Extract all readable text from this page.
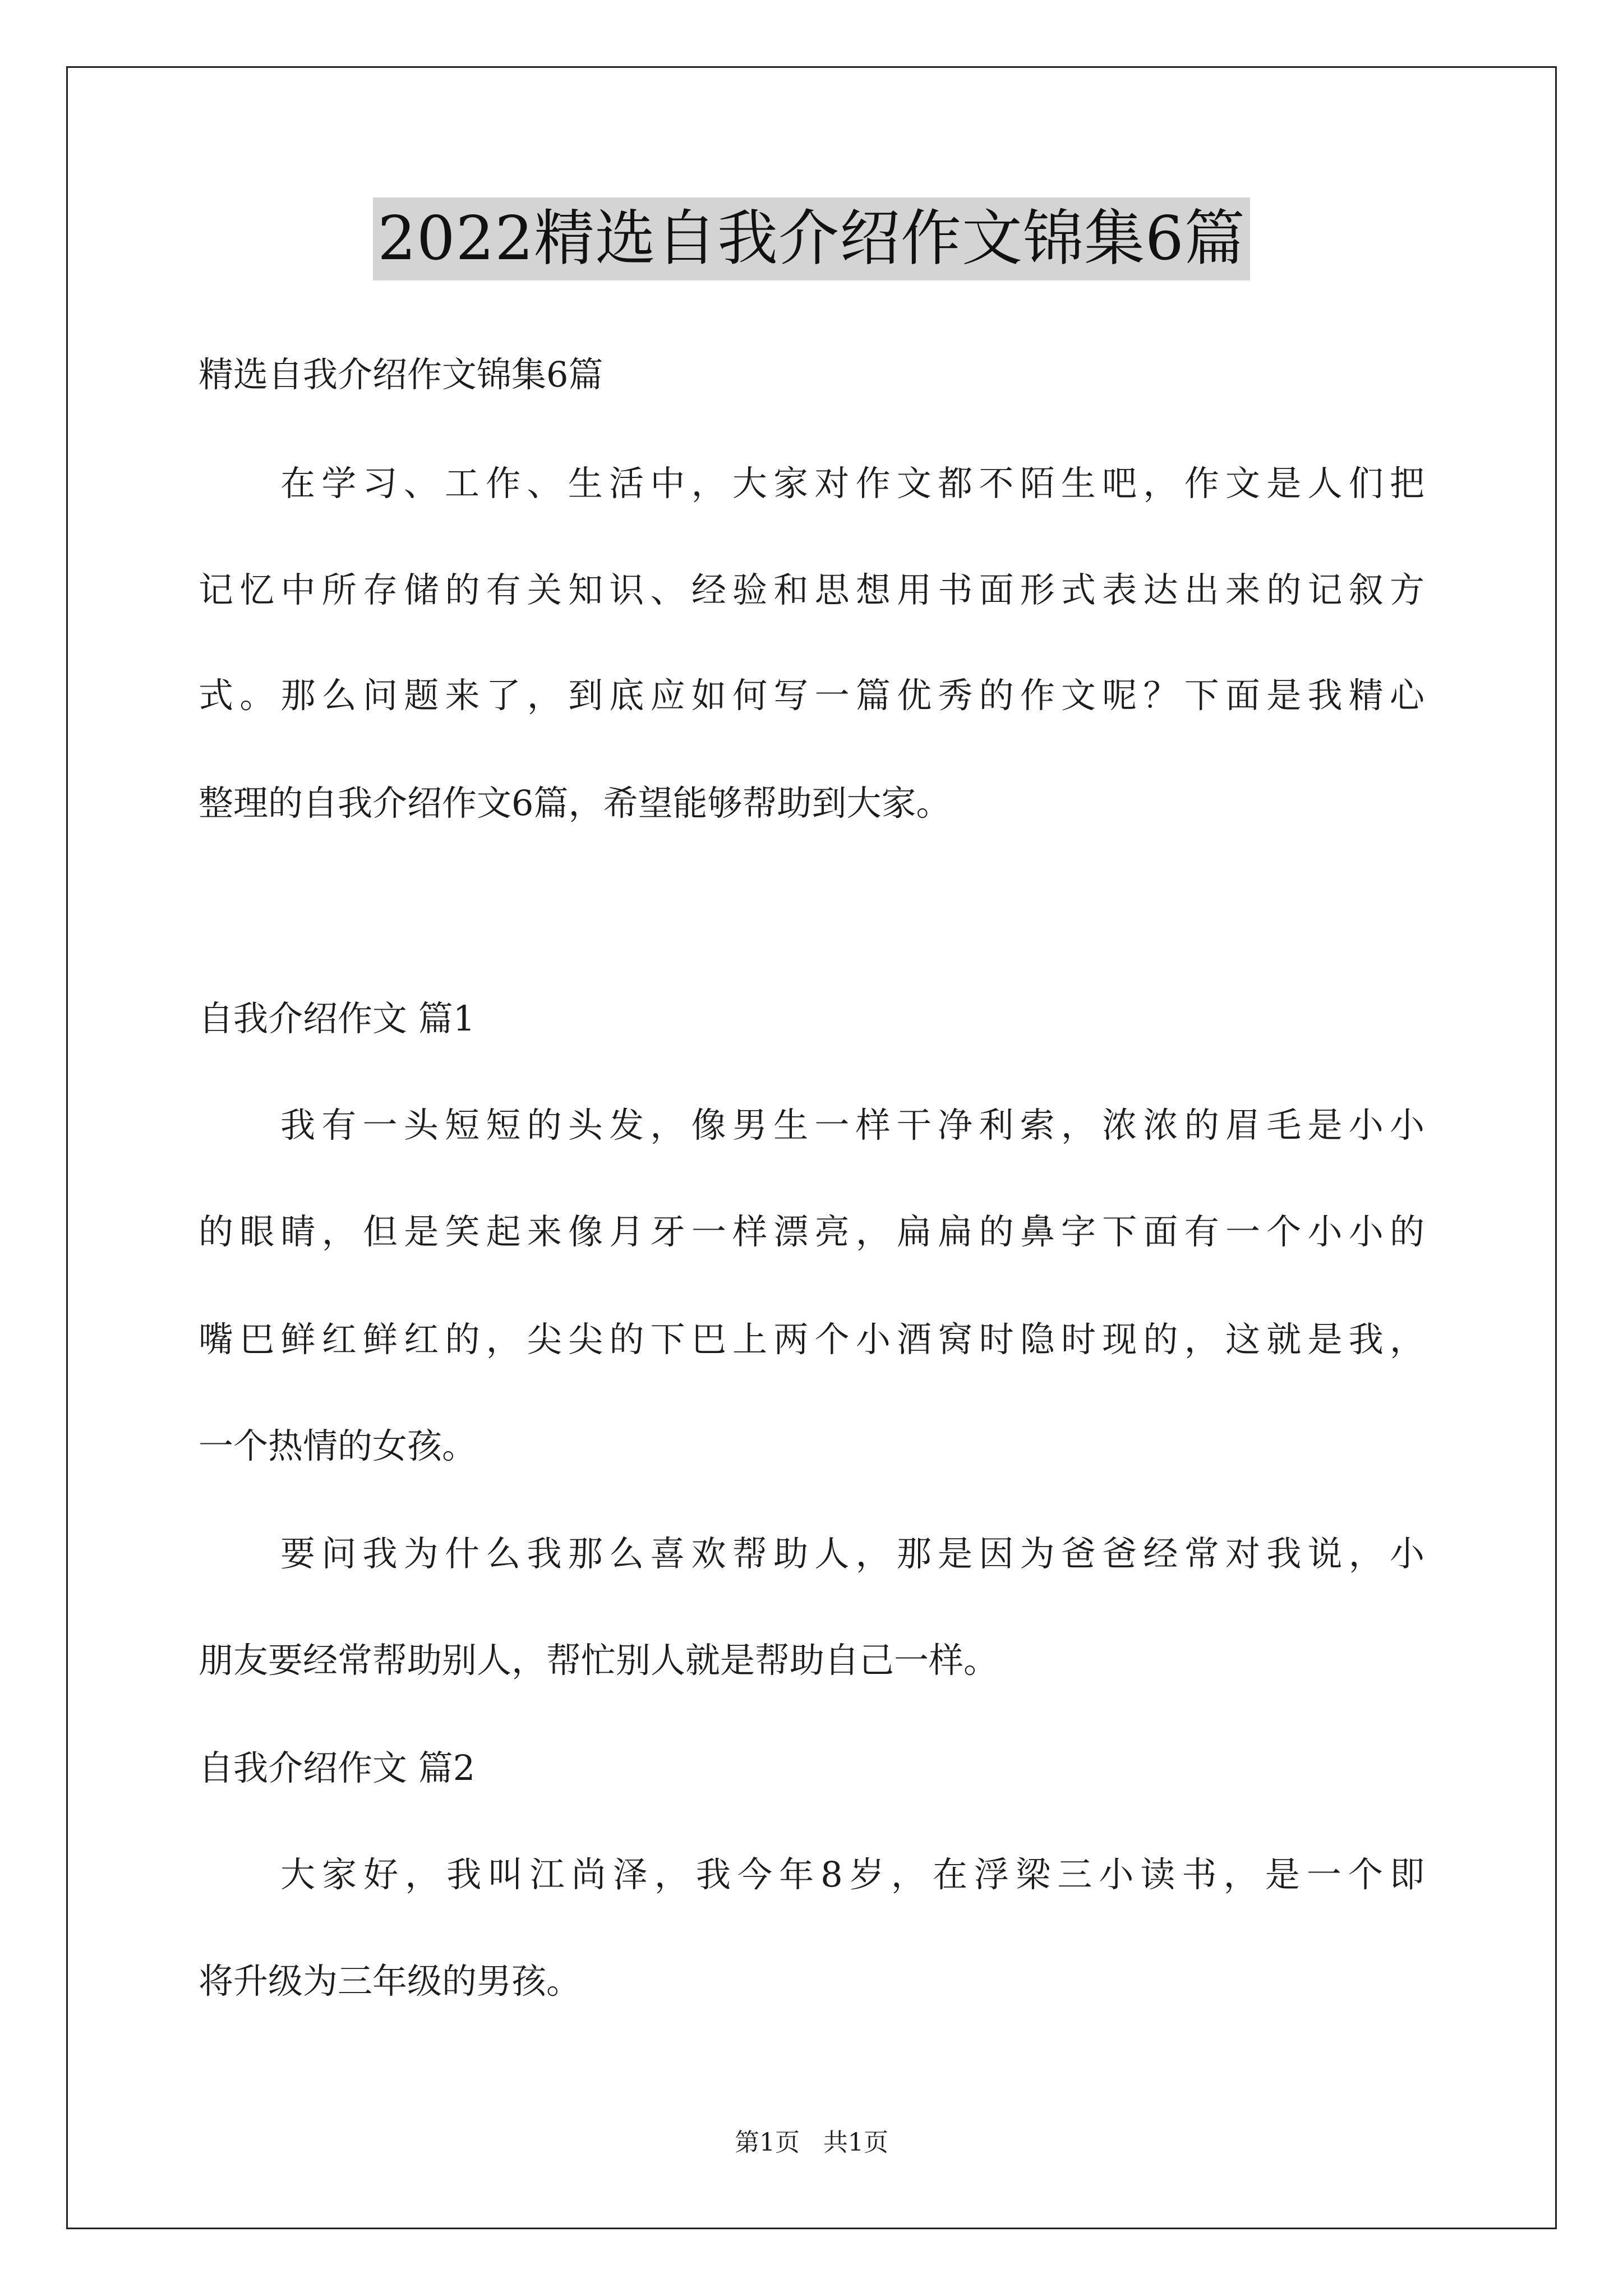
2022精选自我介绍作文锦集6篇

精选自我介绍作文锦集6篇

在学习、工作、生活中，大家对作文都不陌生吧，作文是人们把

记忆中所存储的有关知识、经验和思想用书面形式表达出来的记叙方

式。那么问题来了，到底应如何写一篇优秀的作文呢？下面是我精心

整理的自我介绍作文6篇，希望能够帮助到大家。

自我介绍作文 篇1

我有一头短短的头发，像男生一样干净利索，浓浓的眉毛是小小

的眼睛，但是笑起来像月牙一样漂亮，扁扁的鼻字下面有一个小小的

嘴巴鲜红鲜红的，尖尖的下巴上两个小酒窝时隐时现的，这就是我，

一个热情的女孩。

要问我为什么我那么喜欢帮助人，那是因为爸爸经常对我说，小

朋友要经常帮助别人，帮忙别人就是帮助自己一样。

自我介绍作文 篇2

大家好，我叫江尚泽，我今年8岁，在浮梁三小读书，是一个即

将升级为三年级的男孩。

第1页 共1页
